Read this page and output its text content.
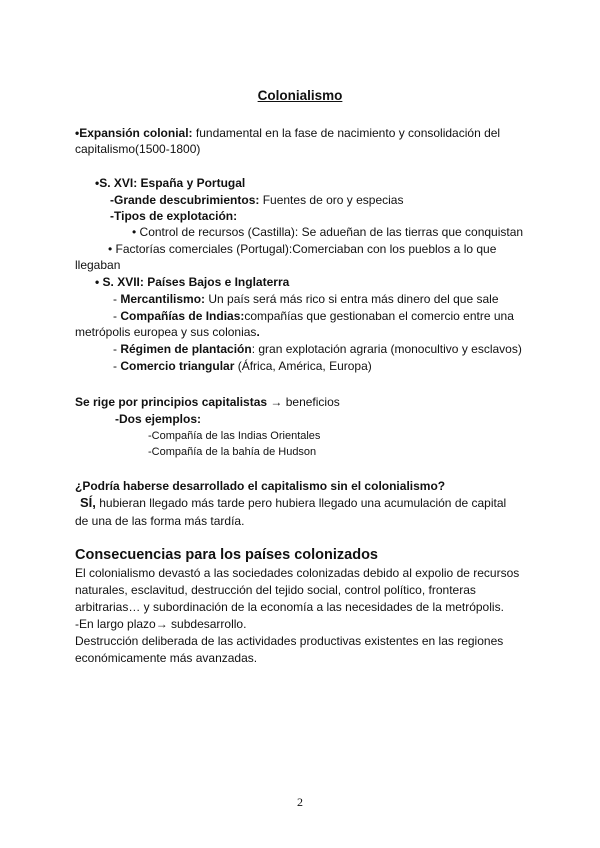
Colonialismo
•Expansión colonial: fundamental en la fase de nacimiento y consolidación del
capitalismo(1500-1800)
•S. XVI: España y Portugal
-Grande descubrimientos: Fuentes de oro y especias
-Tipos de explotación:
• Control de recursos (Castilla): Se adueñan de las tierras que conquistan
• Factorías comerciales (Portugal):Comerciaban con los pueblos a lo que
llegaban
• S. XVII: Países Bajos e Inglaterra
- Mercantilismo: Un país será más rico si entra más dinero del que sale
- Compañías de Indias:compañías que gestionaban el comercio entre una
metrópolis europea y sus colonias.
- Régimen de plantación: gran explotación agraria (monocultivo y esclavos)
- Comercio triangular (África, América, Europa)
Se rige por principios capitalistas → beneficios
-Dos ejemplos:
-Compañía de las Indias Orientales
-Compañía de la bahía de Hudson
¿Podría haberse desarrollado el capitalismo sin el colonialismo?
SÍ, hubieran llegado más tarde pero hubiera llegado una acumulación de capital
de una de las forma más tardía.
Consecuencias para los países colonizados
El colonialismo devastó a las sociedades colonizadas debido al expolio de recursos
naturales, esclavitud, destrucción del tejido social, control político, fronteras
arbitrarias… y subordinación de la economía a las necesidades de la metrópolis.
-En largo plazo→ subdesarrollo.
Destrucción deliberada de las actividades productivas existentes en las regiones
económicamente más avanzadas.
2
